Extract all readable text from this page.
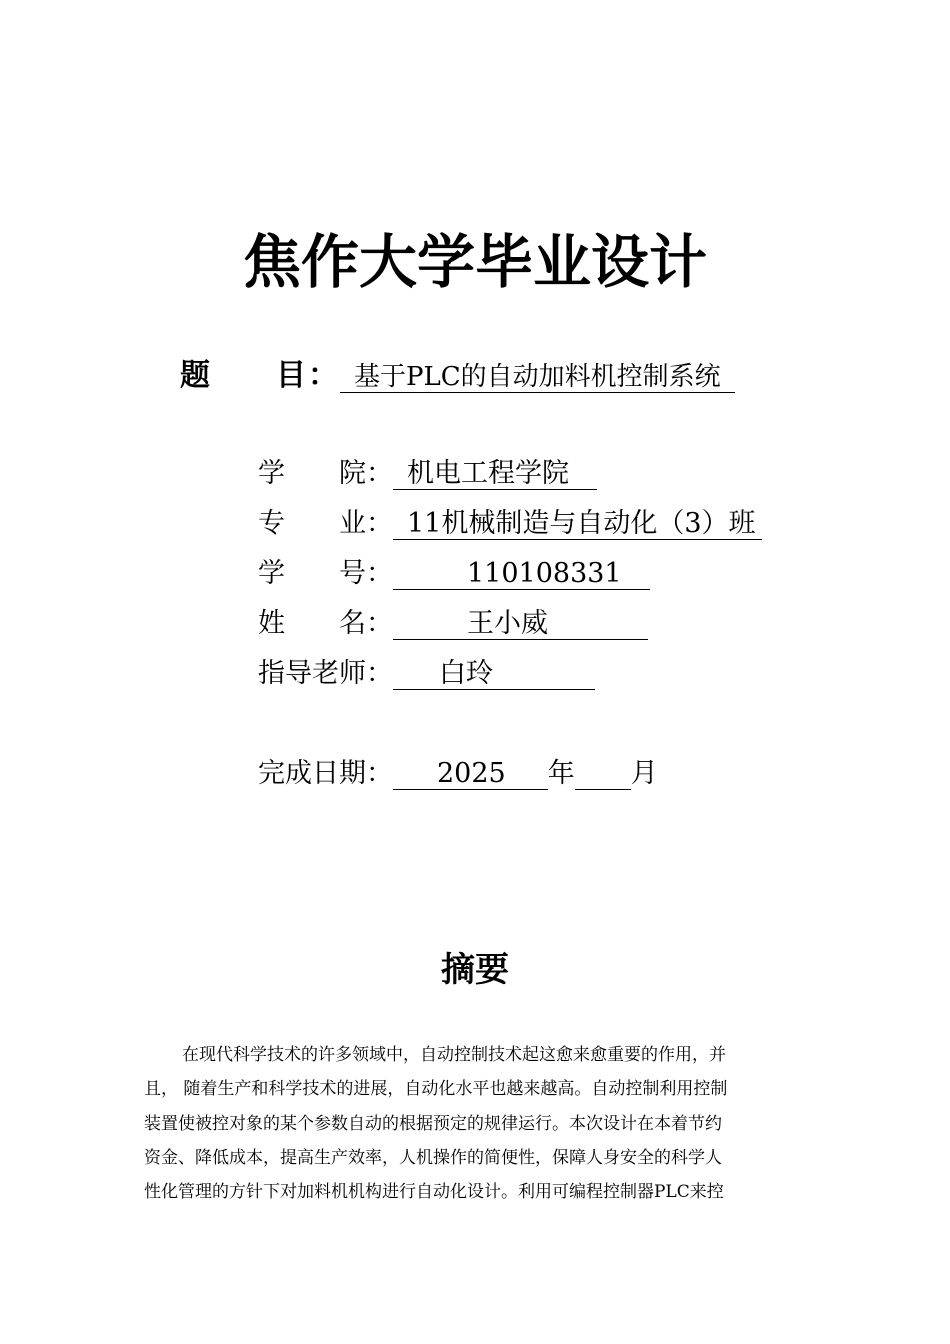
焦作大学毕业设计
题　　目： 基于PLC的自动加料机控制系统
学　　院： 机电工程学院
专　　业： 11机械制造与自动化（3）班
学　　号：	110108331
姓　　名：	王小威
指导老师： 白玲
完成日期： 2025 年 月
摘要
在现代科学技术的许多领域中，自动控制技术起这愈来愈重要的作用，并
且， 随着生产和科学技术的进展，自动化水平也越来越高。自动控制利用控制
装置使被控对象的某个参数自动的根据预定的规律运行。本次设计在本着节约
资金、降低成本，提高生产效率，人机操作的简便性，保障人身安全的科学人
性化管理的方针下对加料机机构进行自动化设计。利用可编程控制器PLC来控
